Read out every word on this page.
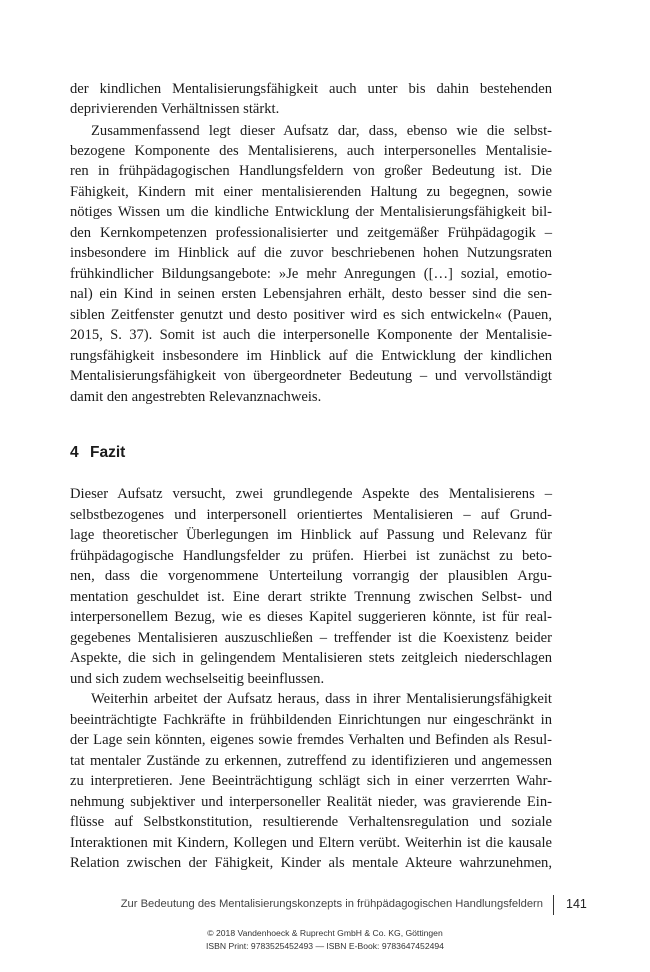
der kindlichen Mentalisierungsfähigkeit auch unter bis dahin bestehenden
deprivierenden Verhältnissen stärkt.
Zusammenfassend legt dieser Aufsatz dar, dass, ebenso wie die selbst-
bezogene Komponente des Mentalisierens, auch interpersonelles Mentalisie-
ren in frühpädagogischen Handlungsfeldern von großer Bedeutung ist. Die
Fähigkeit, Kindern mit einer mentalisierenden Haltung zu begegnen, sowie
nötiges Wissen um die kindliche Entwicklung der Mentalisierungsfähigkeit bil-
den Kernkompetenzen professionalisierter und zeitgemäßer Frühpädagogik –
insbesondere im Hinblick auf die zuvor beschriebenen hohen Nutzungsraten
frühkindlicher Bildungsangebote: »Je mehr Anregungen ([…] sozial, emotio-
nal) ein Kind in seinen ersten Lebensjahren erhält, desto besser sind die sen-
siblen Zeitfenster genutzt und desto positiver wird es sich entwickeln« (Pauen,
2015, S. 37). Somit ist auch die interpersonelle Komponente der Mentalisie-
rungsfähigkeit insbesondere im Hinblick auf die Entwicklung der kindlichen
Mentalisierungsfähigkeit von übergeordneter Bedeutung – und vervollständigt
damit den angestrebten Relevanznachweis.
4 Fazit
Dieser Aufsatz versucht, zwei grundlegende Aspekte des Mentalisierens –
selbstbezogenes und interpersonell orientiertes Mentalisieren – auf Grund-
lage theoretischer Überlegungen im Hinblick auf Passung und Relevanz für
frühpädagogische Handlungsfelder zu prüfen. Hierbei ist zunächst zu beto-
nen, dass die vorgenommene Unterteilung vorrangig der plausiblen Argu-
mentation geschuldet ist. Eine derart strikte Trennung zwischen Selbst- und
interpersonellem Bezug, wie es dieses Kapitel suggerieren könnte, ist für real-
gegebenes Mentalisieren auszuschließen – treffender ist die Koexistenz beider
Aspekte, die sich in gelingendem Mentalisieren stets zeitgleich niederschlagen
und sich zudem wechselseitig beeinflussen.
Weiterhin arbeitet der Aufsatz heraus, dass in ihrer Mentalisierungsfähigkeit
beeinträchtigte Fachkräfte in frühbildenden Einrichtungen nur eingeschränkt in
der Lage sein könnten, eigenes sowie fremdes Verhalten und Befinden als Resul-
tat mentaler Zustände zu erkennen, zutreffend zu identifizieren und angemessen
zu interpretieren. Jene Beeinträchtigung schlägt sich in einer verzerrten Wahr-
nehmung subjektiver und interpersoneller Realität nieder, was gravierende Ein-
flüsse auf Selbstkonstitution, resultierende Verhaltensregulation und soziale
Interaktionen mit Kindern, Kollegen und Eltern verübt. Weiterhin ist die kausale
Relation zwischen der Fähigkeit, Kinder als mentale Akteure wahrzunehmen,
Zur Bedeutung des Mentalisierungskonzepts in frühpädagogischen Handlungsfeldern 141
© 2018 Vandenhoeck & Ruprecht GmbH & Co. KG, Göttingen
ISBN Print: 9783525452493 — ISBN E-Book: 9783647452494
